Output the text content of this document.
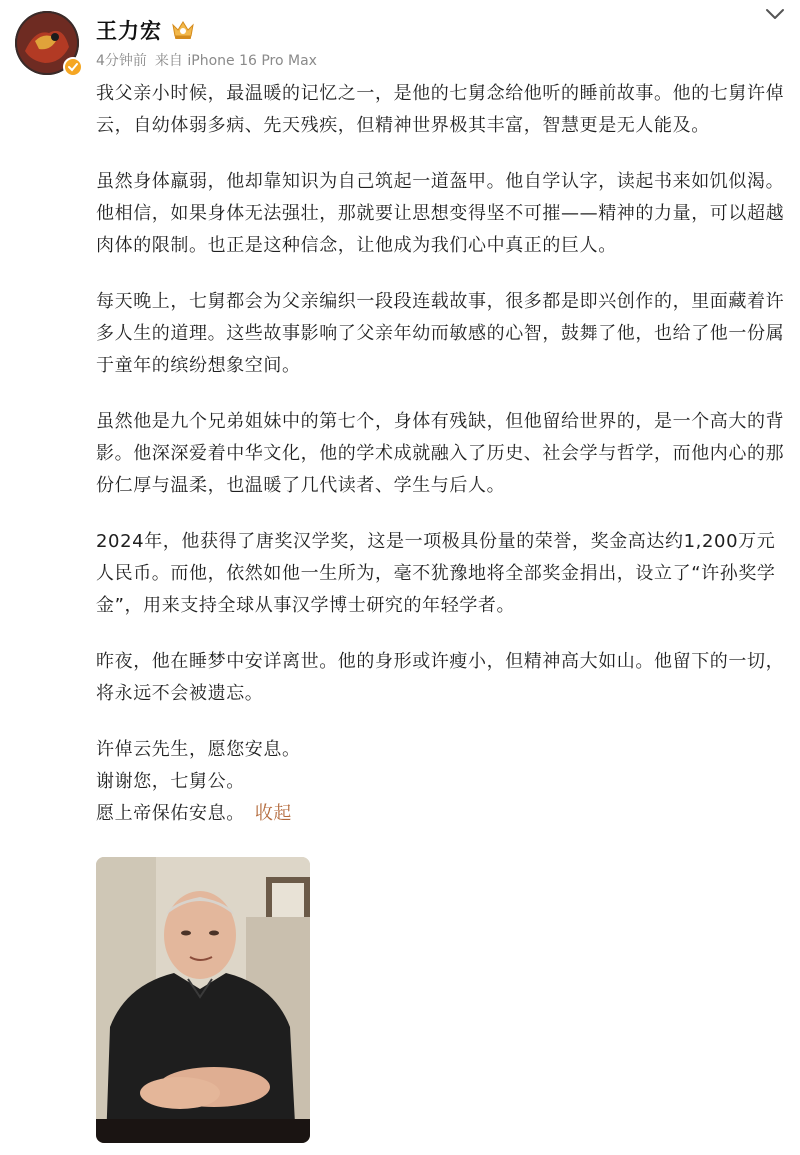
王力宏
4分钟前 来自 iPhone 16 Pro Max

我父亲小时候，最温暖的记忆之一，是他的七舅念给他听的睡前故事。他的七舅许倬云，自幼体弱多病、先天残疾，但精神世界极其丰富，智慧更是无人能及。

虽然身体羸弱，他却靠知识为自己筑起一道盔甲。他自学认字，读起书来如饥似渴。他相信，如果身体无法强壮，那就要让思想变得坚不可摧——精神的力量，可以超越肉体的限制。也正是这种信念，让他成为我们心中真正的巨人。

每天晚上，七舅都会为父亲编织一段段连载故事，很多都是即兴创作的，里面藏着许多人生的道理。这些故事影响了父亲年幼而敏感的心智，鼓舞了他，也给了他一份属于童年的缤纷想象空间。

虽然他是九个兄弟姐妹中的第七个，身体有残缺，但他留给世界的，是一个高大的背影。他深深爱着中华文化，他的学术成就融入了历史、社会学与哲学，而他内心的那份仁厚与温柔，也温暖了几代读者、学生与后人。

2024年，他获得了唐奖汉学奖，这是一项极具份量的荣誉，奖金高达约1,200万元人民币。而他，依然如他一生所为，毫不犹豫地将全部奖金捐出，设立了“许孙奖学金”，用来支持全球从事汉学博士研究的年轻学者。

昨夜，他在睡梦中安详离世。他的身形或许瘦小，但精神高大如山。他留下的一切，将永远不会被遗忘。

许倬云先生，愿您安息。

谢谢您，七舅公。

愿上帝保佑安息。 收起
